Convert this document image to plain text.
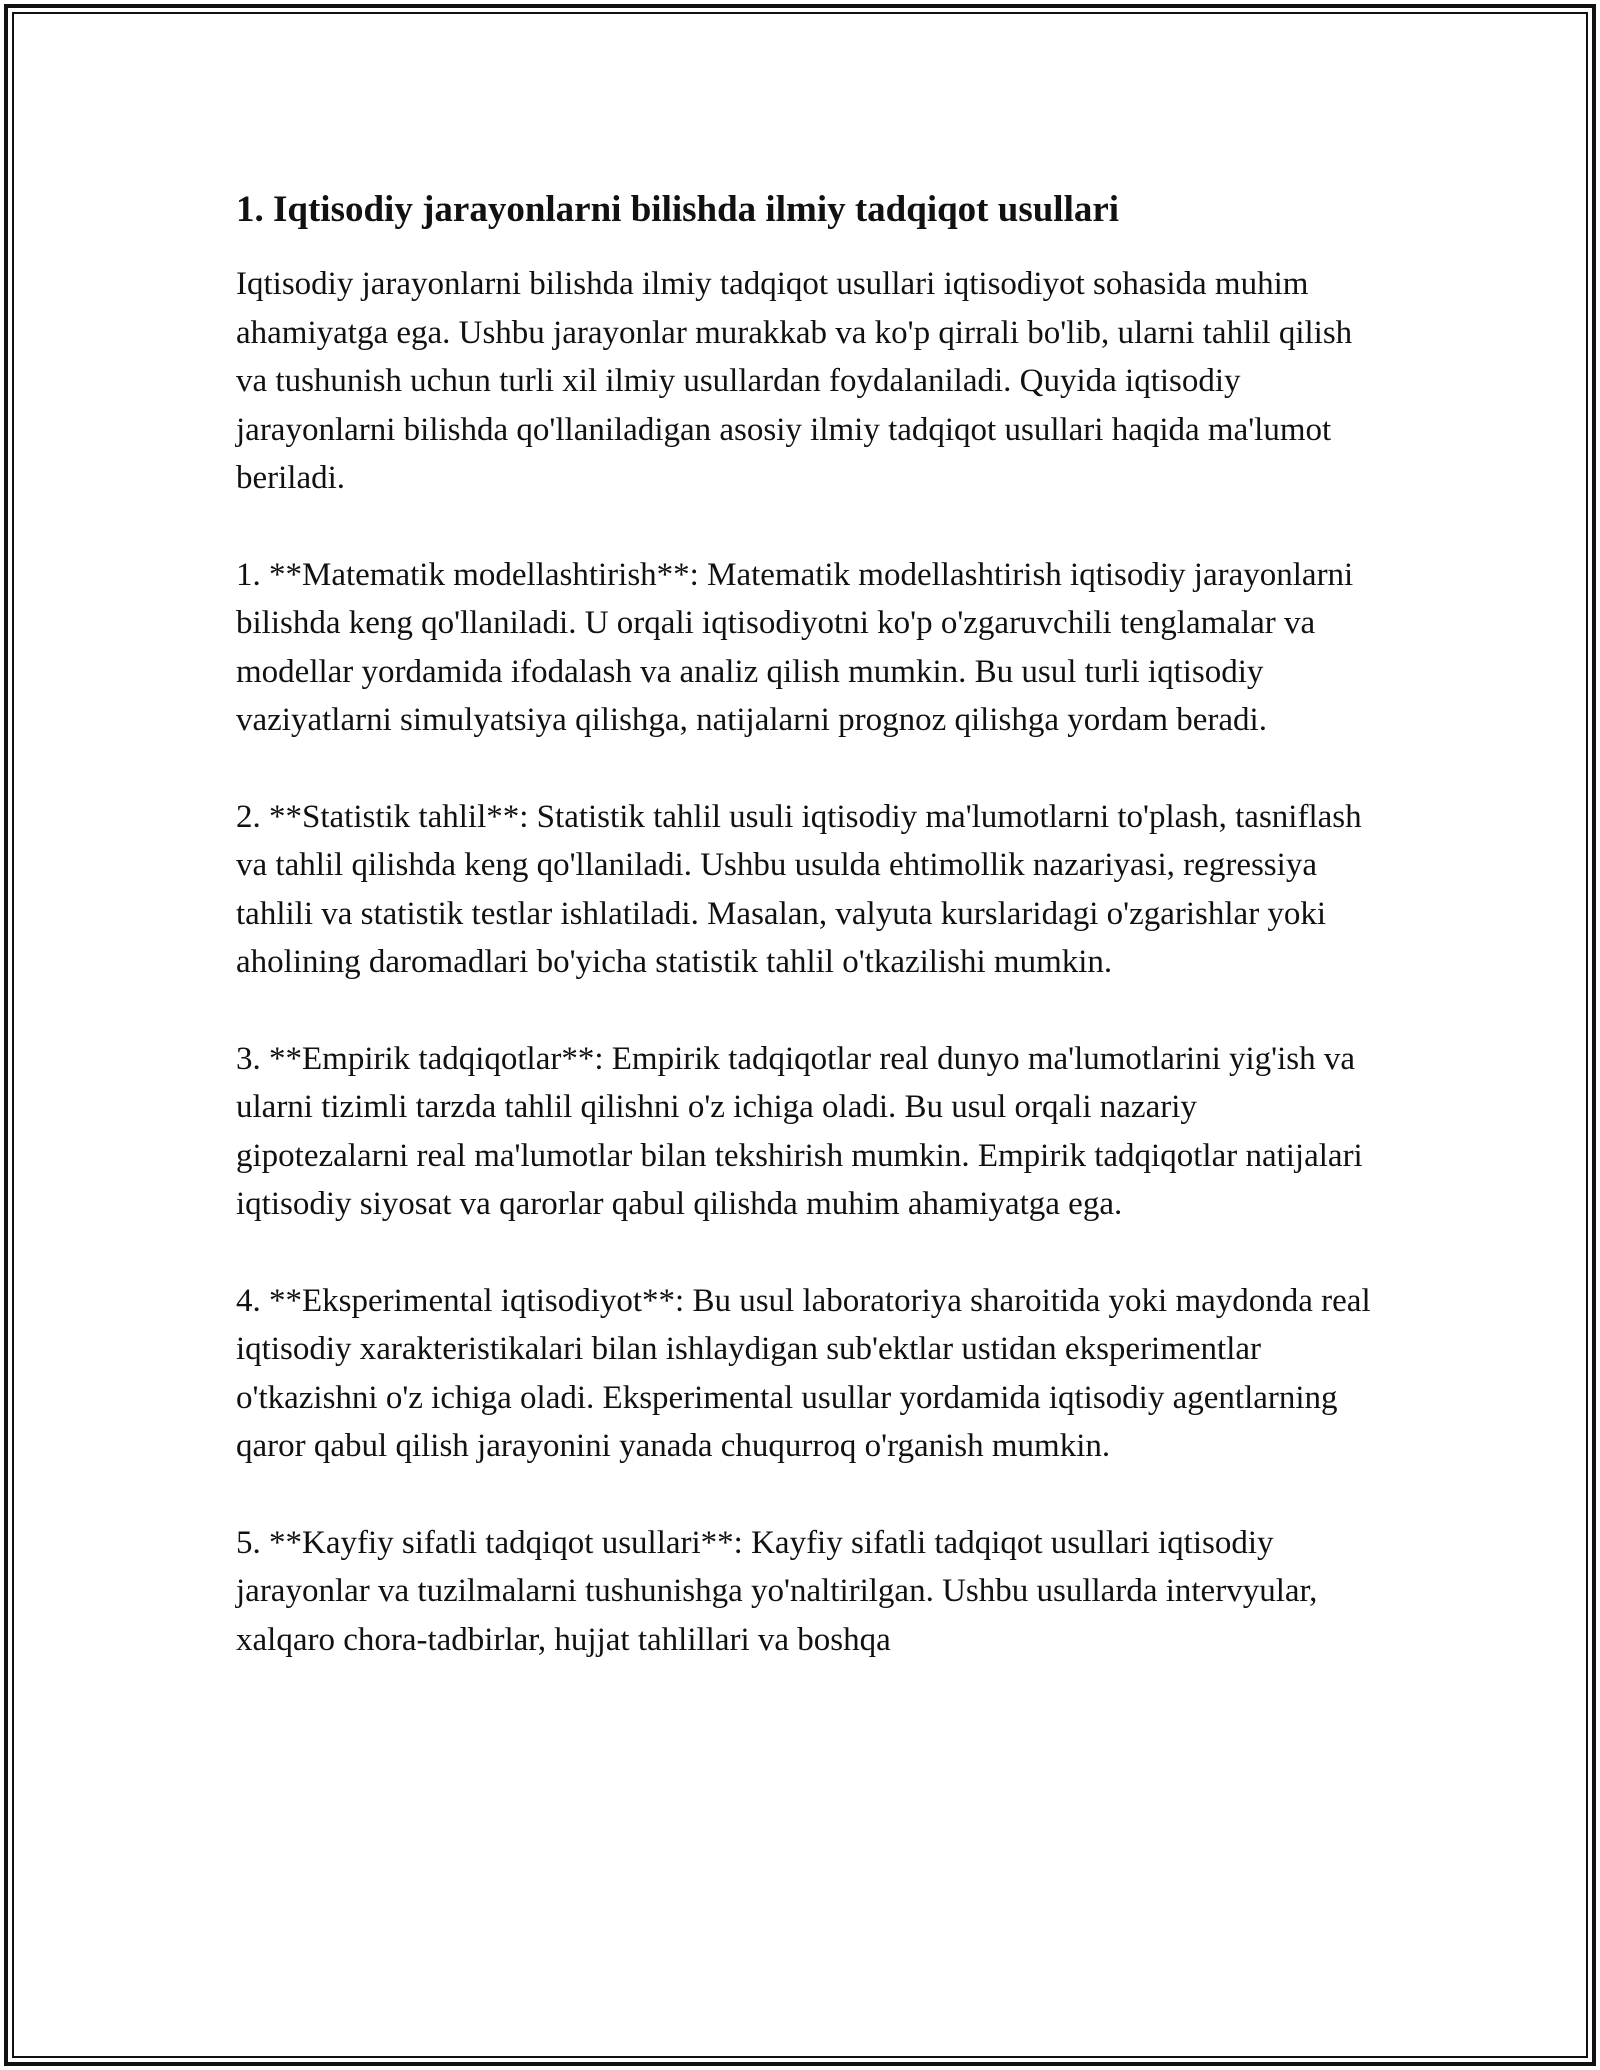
1. Iqtisodiy jarayonlarni bilishda ilmiy tadqiqot usullari

Iqtisodiy jarayonlarni bilishda ilmiy tadqiqot usullari iqtisodiyot sohasida muhim ahamiyatga ega. Ushbu jarayonlar murakkab va ko'p qirrali bo'lib, ularni tahlil qilish va tushunish uchun turli xil ilmiy usullardan foydalaniladi. Quyida iqtisodiy jarayonlarni bilishda qo'llaniladigan asosiy ilmiy tadqiqot usullari haqida ma'lumot beriladi.

1. **Matematik modellashtirish**: Matematik modellashtirish iqtisodiy jarayonlarni bilishda keng qo'llaniladi. U orqali iqtisodiyotni ko'p o'zgaruvchili tenglamalar va modellar yordamida ifodalash va analiz qilish mumkin. Bu usul turli iqtisodiy vaziyatlarni simulyatsiya qilishga, natijalarni prognoz qilishga yordam beradi.

2. **Statistik tahlil**: Statistik tahlil usuli iqtisodiy ma'lumotlarni to'plash, tasniflash va tahlil qilishda keng qo'llaniladi. Ushbu usulda ehtimollik nazariyasi, regressiya tahlili va statistik testlar ishlatiladi. Masalan, valyuta kurslaridagi o'zgarishlar yoki aholining daromadlari bo'yicha statistik tahlil o'tkazilishi mumkin.

3. **Empirik tadqiqotlar**: Empirik tadqiqotlar real dunyo ma'lumotlarini yig'ish va ularni tizimli tarzda tahlil qilishni o'z ichiga oladi. Bu usul orqali nazariy gipotezalarni real ma'lumotlar bilan tekshirish mumkin. Empirik tadqiqotlar natijalari iqtisodiy siyosat va qarorlar qabul qilishda muhim ahamiyatga ega.

4. **Eksperimental iqtisodiyot**: Bu usul laboratoriya sharoitida yoki maydonda real iqtisodiy xarakteristikalari bilan ishlaydigan sub'ektlar ustidan eksperimentlar o'tkazishni o'z ichiga oladi. Eksperimental usullar yordamida iqtisodiy agentlarning qaror qabul qilish jarayonini yanada chuqurroq o'rganish mumkin.

5. **Kayfiy sifatli tadqiqot usullari**: Kayfiy sifatli tadqiqot usullari iqtisodiy jarayonlar va tuzilmalarni tushunishga yo'naltirilgan. Ushbu usullarda intervyular, xalqaro chora-tadbirlar, hujjat tahlillari va boshqa
